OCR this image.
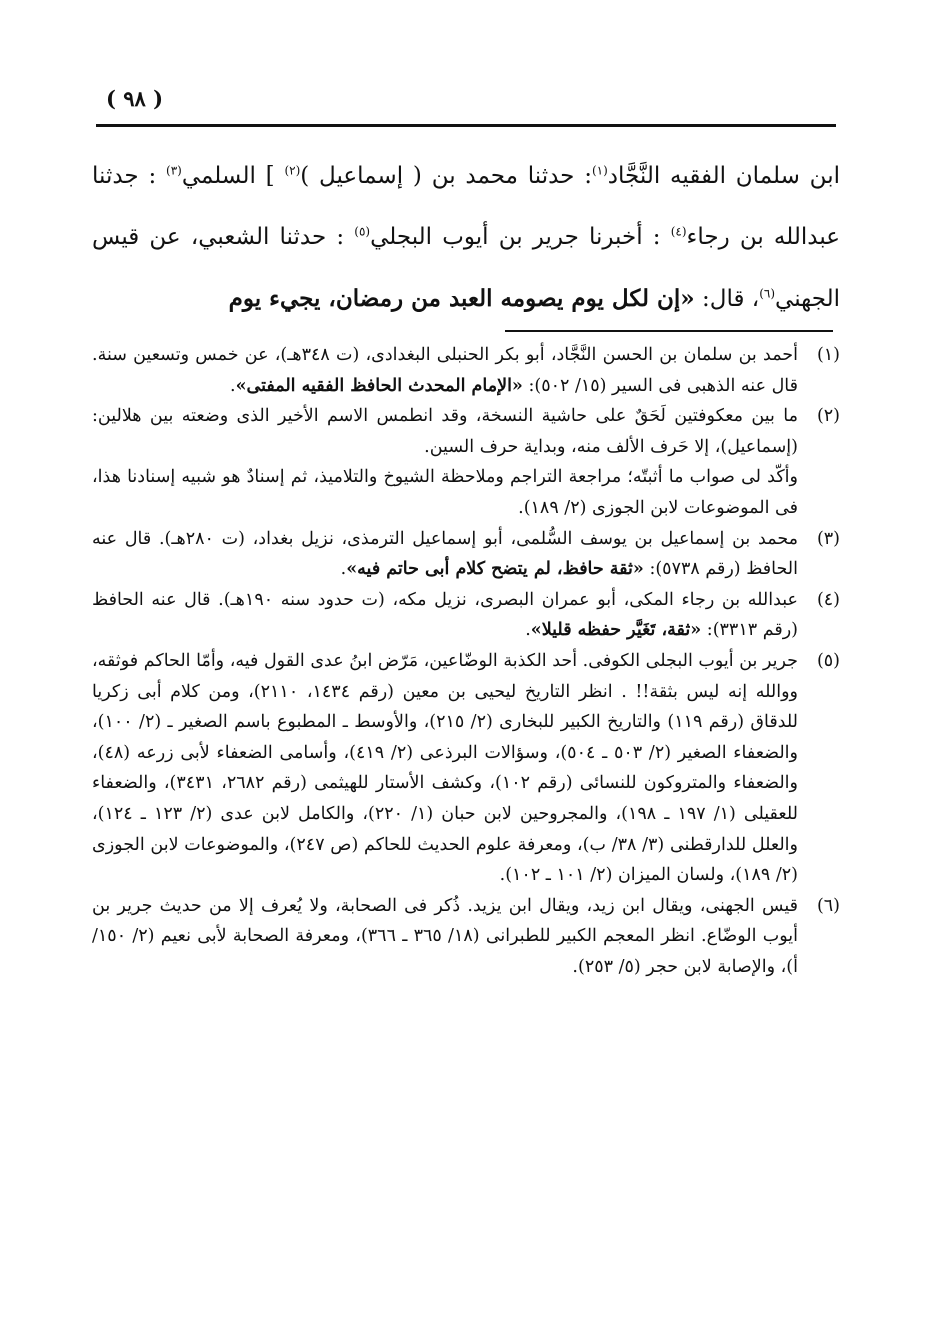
( ٩٨ )
ابن سلمان الفقيه النَّجَّاد$^{(١)}$: حدثنا محمد بن ( إسماعيل )$^{(٢)}$ ] السلمي$^{(٣)}$ : جدثنا عبدالله بن رجاء$^{(٤)}$ : أخبرنا جرير بن أيوب البجلي$^{(٥)}$ : حدثنا الشعبي، عن قيس الجهني$^{(٦)}$، قال: «إن لكل يوم يصومه العبد من رمضان، يجيء يوم

(١)أحمد بن سلمان بن الحسن النَّجَّاد، أبو بكر الحنبلى البغدادى، (ت ٣٤٨هـ)، عن خمس وتسعين سنة. قال عنه الذهبى فى السير (١٥/ ٥٠٢): «الإمام المحدث الحافظ الفقيه المفتى».

(٢)ما بين معكوفتين لَحَقٌ على حاشية النسخة، وقد انطمس الاسم الأخير الذى وضعته بين هلالين: (إسماعيل)، إلا حَرف الألف منه، وبداية حرف السين.
وأكّد لى صواب ما أثبتّه؛ مراجعة التراجم وملاحظة الشيوخ والتلاميذ، ثم إسنادٌ هو شبيه إسنادنا هذا، فى الموضوعات لابن الجوزى (٢/ ١٨٩).

(٣)محمد بن إسماعيل بن يوسف السُّلمى، أبو إسماعيل الترمذى، نزيل بغداد، (ت ٢٨٠هـ). قال عنه الحافظ (رقم ٥٧٣٨): «ثقة حافظ، لم يتضح كلام أبى حاتم فيه».

(٤)عبدالله بن رجاء المكى، أبو عمران البصرى، نزيل مكه، (ت حدود سنه ١٩٠هـ). قال عنه الحافظ (رقم ٣٣١٣): «ثقة، تَغَيَّر حفظه قليلا».

(٥)جرير بن أيوب البجلى الكوفى. أحد الكذبة الوضّاعين، مَرّض ابنُ عدى القول فيه، وأمّا الحاكم فوثقه، ووالله إنه ليس بثقة!! . انظر التاريخ ليحيى بن معين (رقم ١٤٣٤، ٢١١٠)، ومن كلام أبى زكريا للدقاق (رقم ١١٩) والتاريخ الكبير للبخارى (٢/ ٢١٥)، والأوسط ـ المطبوع باسم الصغير ـ (٢/ ١٠٠)، والضعفاء الصغير (٢/ ٥٠٣ ـ ٥٠٤)، وسؤالات البرذعى (٢/ ٤١٩)، وأسامى الضعفاء لأبى زرعه (٤٨)، والضعفاء والمتروكون للنسائى (رقم ١٠٢)، وكشف الأستار للهيثمى (رقم ٢٦٨٢، ٣٤٣١)، والضعفاء للعقيلى (١/ ١٩٧ ـ ١٩٨)، والمجروحين لابن حبان (١/ ٢٢٠)، والكامل لابن عدى (٢/ ١٢٣ ـ ١٢٤)، والعلل للدارقطنى (٣/ ٣٨/ ب)، ومعرفة علوم الحديث للحاكم (ص ٢٤٧)، والموضوعات لابن الجوزى (٢/ ١٨٩)، ولسان الميزان (٢/ ١٠١ ـ ١٠٢).

(٦)قيس الجهنى، ويقال ابن زيد، ويقال ابن يزيد. ذُكر فى الصحابة، ولا يُعرف إلا من حديث جرير بن أيوب الوضّاع. انظر المعجم الكبير للطبرانى (١٨/ ٣٦٥ ـ ٣٦٦)، ومعرفة الصحابة لأبى نعيم (٢/ ١٥٠/ أ)، والإصابة لابن حجر (٥/ ٢٥٣).
